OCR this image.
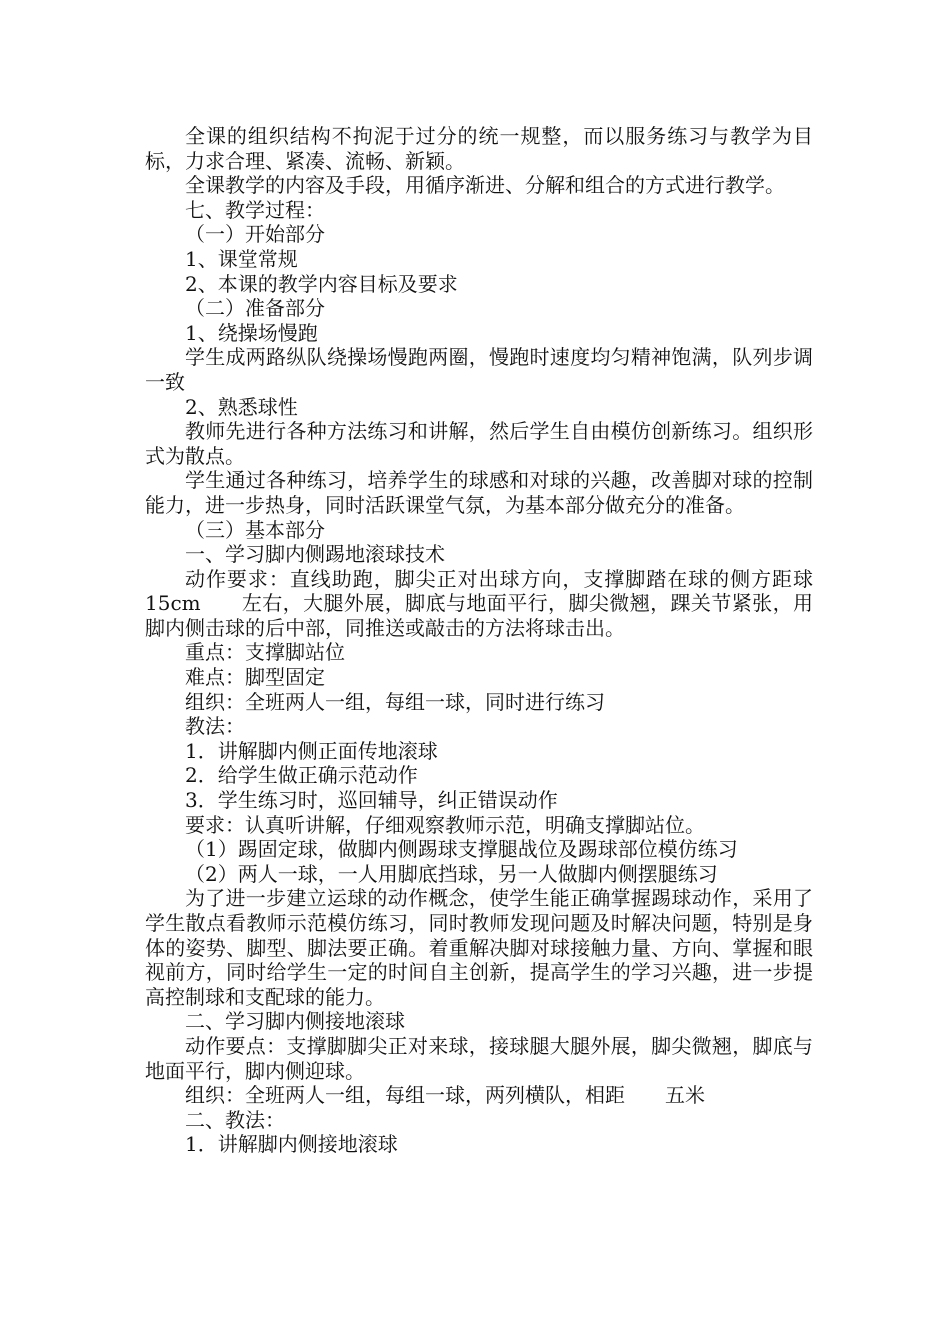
全课的组织结构不拘泥于过分的统一规整，而以服务练习与教学为目标，力求合理、紧凑、流畅、新颖。

全课教学的内容及手段，用循序渐进、分解和组合的方式进行教学。

七、教学过程：

（一）开始部分

1、课堂常规

2、本课的教学内容目标及要求

（二）准备部分

1、绕操场慢跑

学生成两路纵队绕操场慢跑两圈，慢跑时速度均匀精神饱满，队列步调一致

2、熟悉球性

教师先进行各种方法练习和讲解，然后学生自由模仿创新练习。组织形式为散点。

学生通过各种练习，培养学生的球感和对球的兴趣，改善脚对球的控制能力，进一步热身，同时活跃课堂气氛，为基本部分做充分的准备。

（三）基本部分

一、学习脚内侧踢地滚球技术

动作要求：直线助跑，脚尖正对出球方向，支撑脚踏在球的侧方距球　　15cm　　左右，大腿外展，脚底与地面平行，脚尖微翘，踝关节紧张，用脚内侧击球的后中部，同推送或敲击的方法将球击出。

重点：支撑脚站位

难点：脚型固定

组织：全班两人一组，每组一球，同时进行练习

教法：

1．讲解脚内侧正面传地滚球

2．给学生做正确示范动作

3．学生练习时，巡回辅导，纠正错误动作

要求：认真听讲解，仔细观察教师示范，明确支撑脚站位。

（1）踢固定球，做脚内侧踢球支撑腿战位及踢球部位模仿练习

（2）两人一球，一人用脚底挡球，另一人做脚内侧摆腿练习

为了进一步建立运球的动作概念，使学生能正确掌握踢球动作，采用了学生散点看教师示范模仿练习，同时教师发现问题及时解决问题，特别是身体的姿势、脚型、脚法要正确。着重解决脚对球接触力量、方向、掌握和眼视前方，同时给学生一定的时间自主创新，提高学生的学习兴趣，进一步提高控制球和支配球的能力。

二、学习脚内侧接地滚球

动作要点：支撑脚脚尖正对来球，接球腿大腿外展，脚尖微翘，脚底与地面平行，脚内侧迎球。

组织：全班两人一组，每组一球，两列横队，相距　　五米

二、教法：

1．讲解脚内侧接地滚球
